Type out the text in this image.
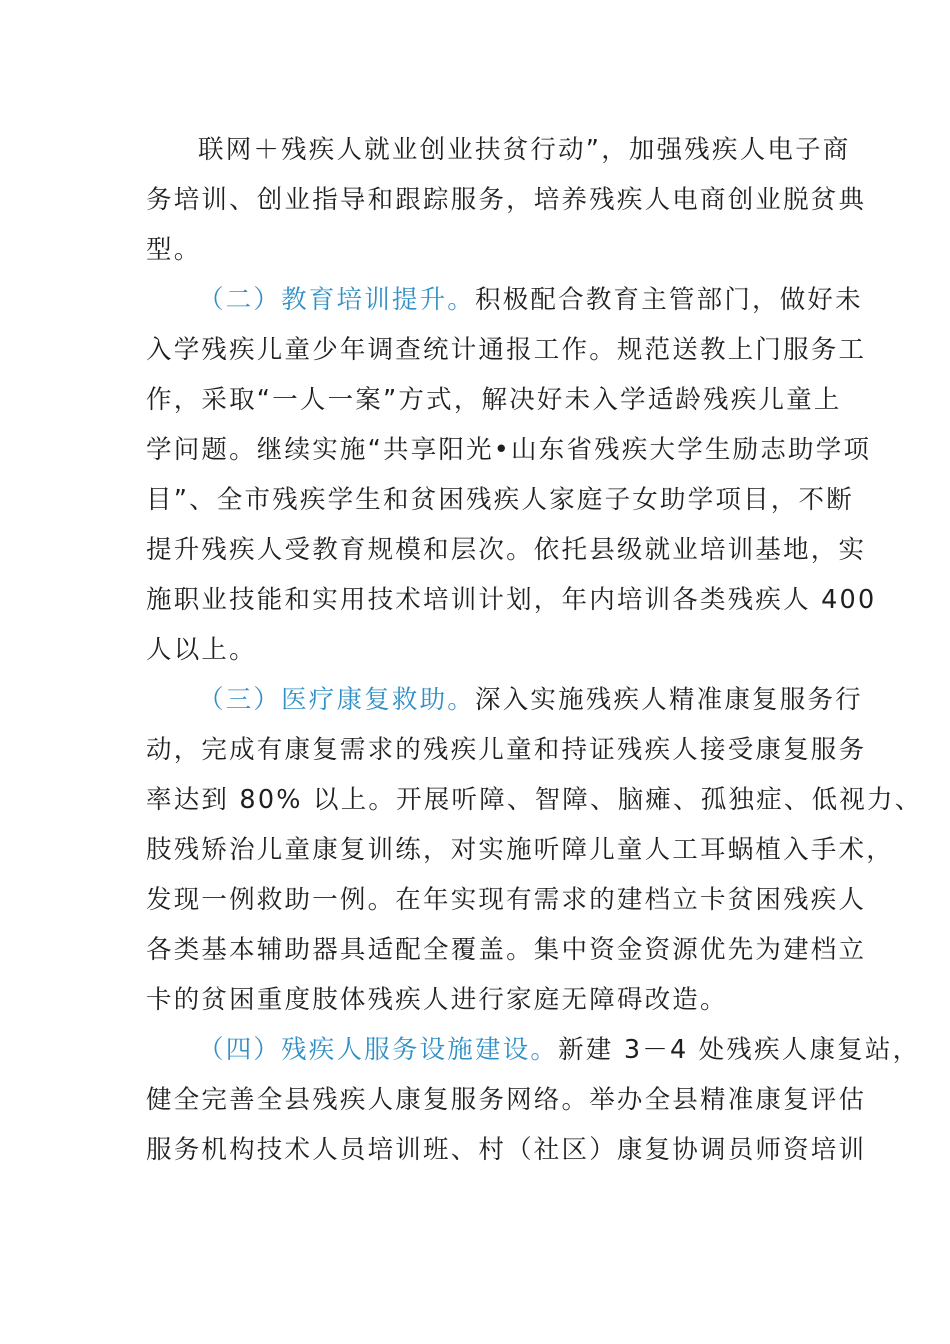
联网＋残疾人就业创业扶贫行动”，加强残疾人电子商
务培训、创业指导和跟踪服务，培养残疾人电商创业脱贫典
型。
（二）教育培训提升。积极配合教育主管部门，做好未
入学残疾儿童少年调查统计通报工作。规范送教上门服务工
作，采取“一人一案”方式，解决好未入学适龄残疾儿童上
学问题。继续实施“共享阳光•山东省残疾大学生励志助学项
目”、全市残疾学生和贫困残疾人家庭子女助学项目，不断
提升残疾人受教育规模和层次。依托县级就业培训基地，实
施职业技能和实用技术培训计划，年内培训各类残疾人 400
人以上。
（三）医疗康复救助。深入实施残疾人精准康复服务行
动，完成有康复需求的残疾儿童和持证残疾人接受康复服务
率达到 80% 以上。开展听障、智障、脑瘫、孤独症、低视力、
肢残矫治儿童康复训练，对实施听障儿童人工耳蜗植入手术，
发现一例救助一例。在年实现有需求的建档立卡贫困残疾人
各类基本辅助器具适配全覆盖。集中资金资源优先为建档立
卡的贫困重度肢体残疾人进行家庭无障碍改造。
（四）残疾人服务设施建设。新建 3－4 处残疾人康复站，
健全完善全县残疾人康复服务网络。举办全县精准康复评估
服务机构技术人员培训班、村（社区）康复协调员师资培训
